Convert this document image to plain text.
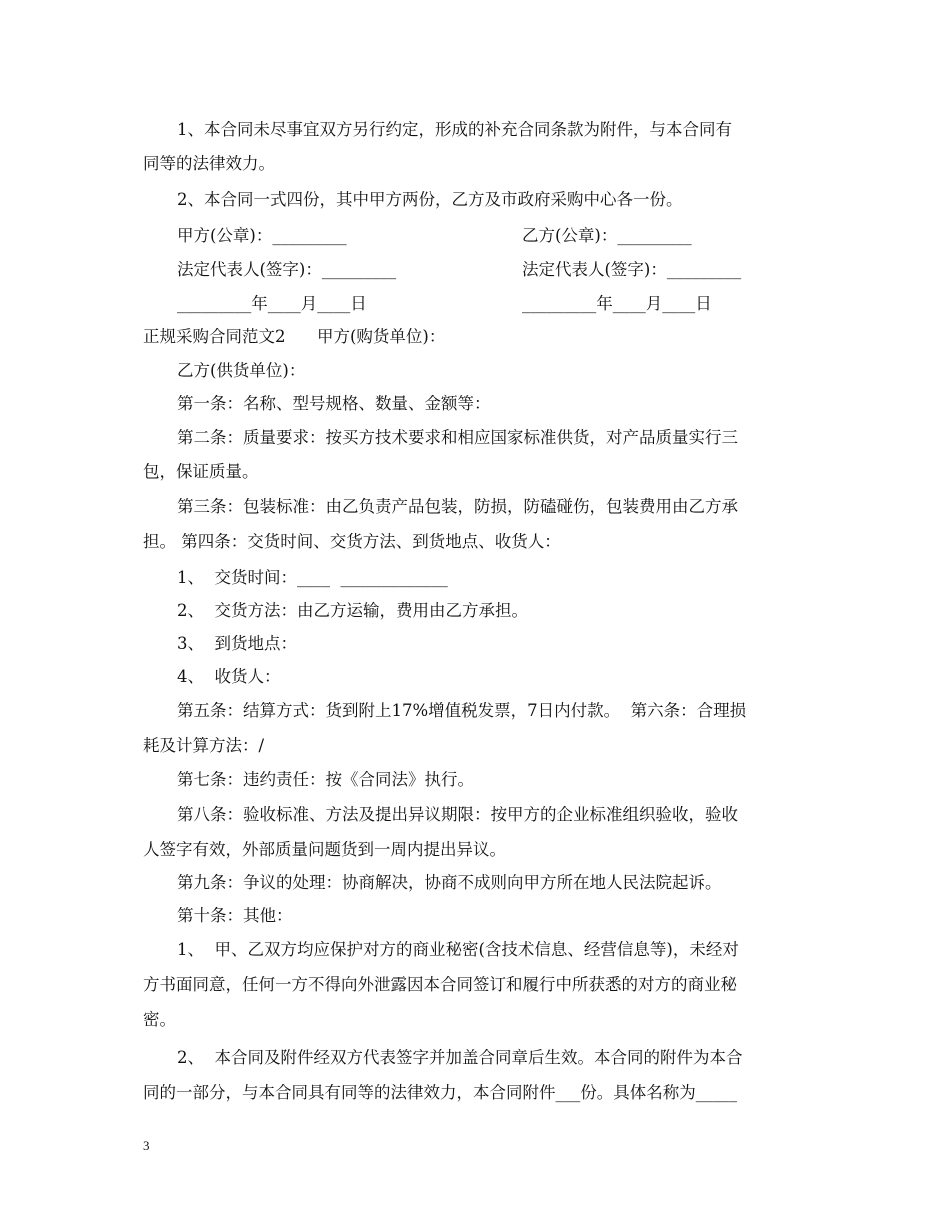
1、本合同未尽事宜双方另行约定，形成的补充合同条款为附件，与本合同有
同等的法律效力。
2、本合同一式四份，其中甲方两份，乙方及市政府采购中心各一份。
甲方(公章)：_________	乙方(公章)：_________
法定代表人(签字)：_________	法定代表人(签字)：_________
_________年____月____日	_________年____月____日
正规采购合同范文2      甲方(购货单位)：
乙方(供货单位)：
第一条：名称、型号规格、数量、金额等：
第二条：质量要求：按买方技术要求和相应国家标准供货，对产品质量实行三
包，保证质量。
第三条：包装标准：由乙负责产品包装，防损，防磕碰伤，包装费用由乙方承
担。 第四条：交货时间、交货方法、到货地点、收货人：
1、  交货时间：____  _____________
2、  交货方法：由乙方运输，费用由乙方承担。
3、  到货地点：
4、  收货人：
第五条：结算方式：货到附上17%增值税发票，7日内付款。  第六条：合理损
耗及计算方法：/
第七条：违约责任：按《合同法》执行。
第八条：验收标准、方法及提出异议期限：按甲方的企业标准组织验收，验收
人签字有效，外部质量问题货到一周内提出异议。
第九条：争议的处理：协商解决，协商不成则向甲方所在地人民法院起诉。
第十条：其他：
1、  甲、乙双方均应保护对方的商业秘密(含技术信息、经营信息等)，未经对
方书面同意，任何一方不得向外泄露因本合同签订和履行中所获悉的对方的商业秘
密。
2、  本合同及附件经双方代表签字并加盖合同章后生效。本合同的附件为本合
同的一部分，与本合同具有同等的法律效力，本合同附件___份。具体名称为_____
3
